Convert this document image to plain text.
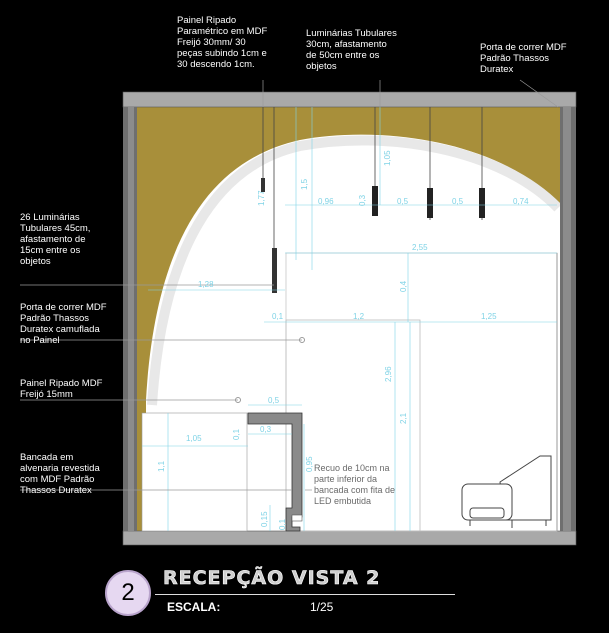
Painel Ripado
Paramétrico em MDF
Freijó 30mm/ 30
peças subindo 1cm e
30 descendo 1cm.
Luminárias Tubulares
30cm, afastamento
de 50cm entre os
objetos
Porta de correr MDF
Padrão Thassos
Duratex
26 Luminárias
Tubulares 45cm,
afastamento de
15cm entre os
objetos
Porta de correr MDF
Padrão Thassos
Duratex camuflada
no Painel
Painel Ripado MDF
Freijó 15mm
Bancada em
alvenaria revestida
com MDF Padrão
Thassos Duratex
Recuo de 10cm na
parte inferior da
bancada com fita de
LED embutida
1,77
1,5
1,05
0,3
0,96	0,5	0,5	0,74
2,55
1,28	0,4
0,1	1,2	1,25
2,96
2,1
0,5
0,3
0,1
1,05
1,1	0,95
0,15 0,1
2
RECEPÇÃO VISTA 2
ESCALA:	1/25
